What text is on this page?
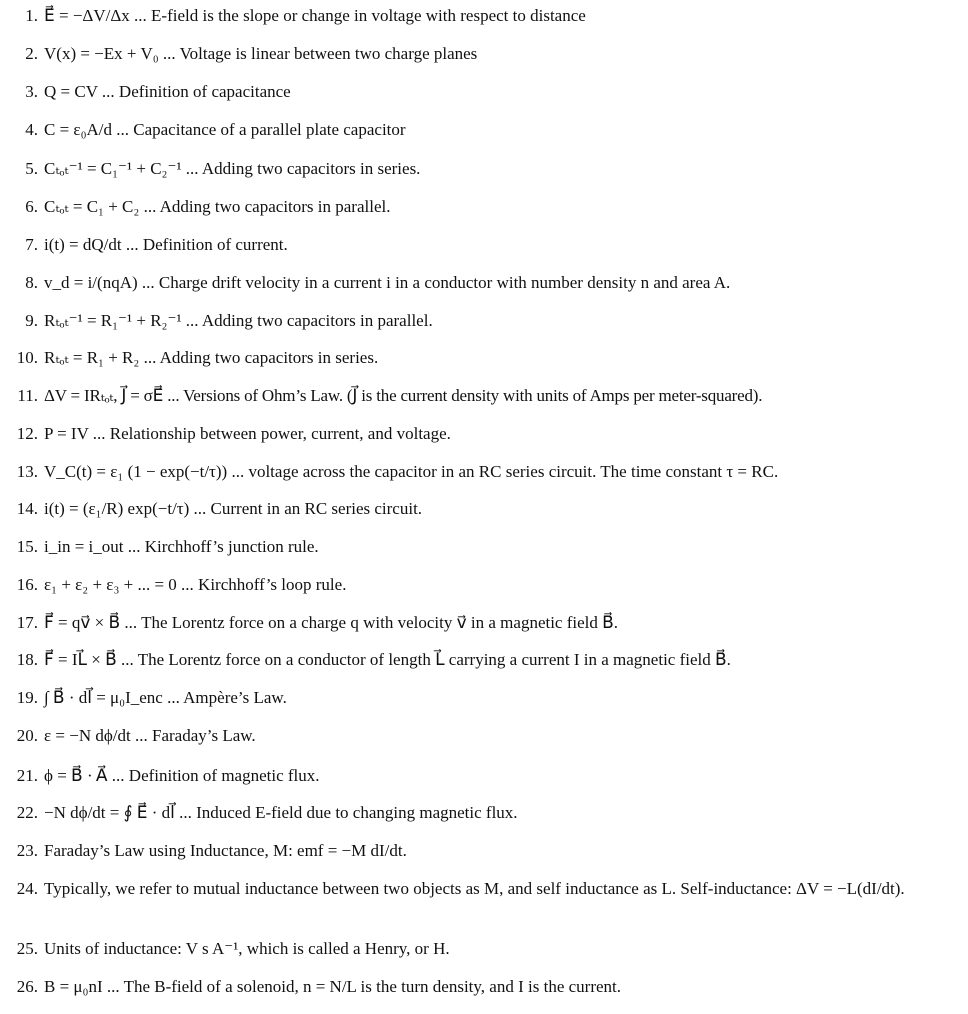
1. E⃗ = −ΔV/Δx ... E-field is the slope or change in voltage with respect to distance
2. V(x) = −Ex + V₀ ... Voltage is linear between two charge planes
3. Q = CV ... Definition of capacitance
4. C = ε₀A/d ... Capacitance of a parallel plate capacitor
5. Cₜₒₜ⁻¹ = C₁⁻¹ + C₂⁻¹ ... Adding two capacitors in series.
6. Cₜₒₜ = C₁ + C₂ ... Adding two capacitors in parallel.
7. i(t) = dQ/dt ... Definition of current.
8. v_d = i/(nqA) ... Charge drift velocity in a current i in a conductor with number density n and area A.
9. Rₜₒₜ⁻¹ = R₁⁻¹ + R₂⁻¹ ... Adding two capacitors in parallel.
10. Rₜₒₜ = R₁ + R₂ ... Adding two capacitors in series.
11. ΔV = IRₜₒₜ, J⃗ = σE⃗ ... Versions of Ohm’s Law. (J⃗ is the current density with units of Amps per meter-squared).
12. P = IV ... Relationship between power, current, and voltage.
13. V_C(t) = ε₁ (1 − exp(−t/τ)) ... voltage across the capacitor in an RC series circuit. The time constant τ = RC.
14. i(t) = (ε₁/R) exp(−t/τ) ... Current in an RC series circuit.
15. i_in = i_out ... Kirchhoff’s junction rule.
16. ε₁ + ε₂ + ε₃ + ... = 0 ... Kirchhoff’s loop rule.
17. F⃗ = qv⃗ × B⃗ ... The Lorentz force on a charge q with velocity v⃗ in a magnetic field B⃗.
18. F⃗ = IL⃗ × B⃗ ... The Lorentz force on a conductor of length L⃗ carrying a current I in a magnetic field B⃗.
19. ∫ B⃗ · dl⃗ = μ₀I_enc ... Ampère’s Law.
20. ε = −N dϕ/dt ... Faraday’s Law.
21. ϕ = B⃗ · A⃗ ... Definition of magnetic flux.
22. −N dϕ/dt = ∮ E⃗ · dl⃗ ... Induced E-field due to changing magnetic flux.
23. Faraday’s Law using Inductance, M: emf = −M dI/dt.
24. Typically, we refer to mutual inductance between two objects as M, and self inductance as L. Self-inductance: ΔV = −L(dI/dt).
25. Units of inductance: V s A⁻¹, which is called a Henry, or H.
26. B = μ₀nI ... The B-field of a solenoid, n = N/L is the turn density, and I is the current.
